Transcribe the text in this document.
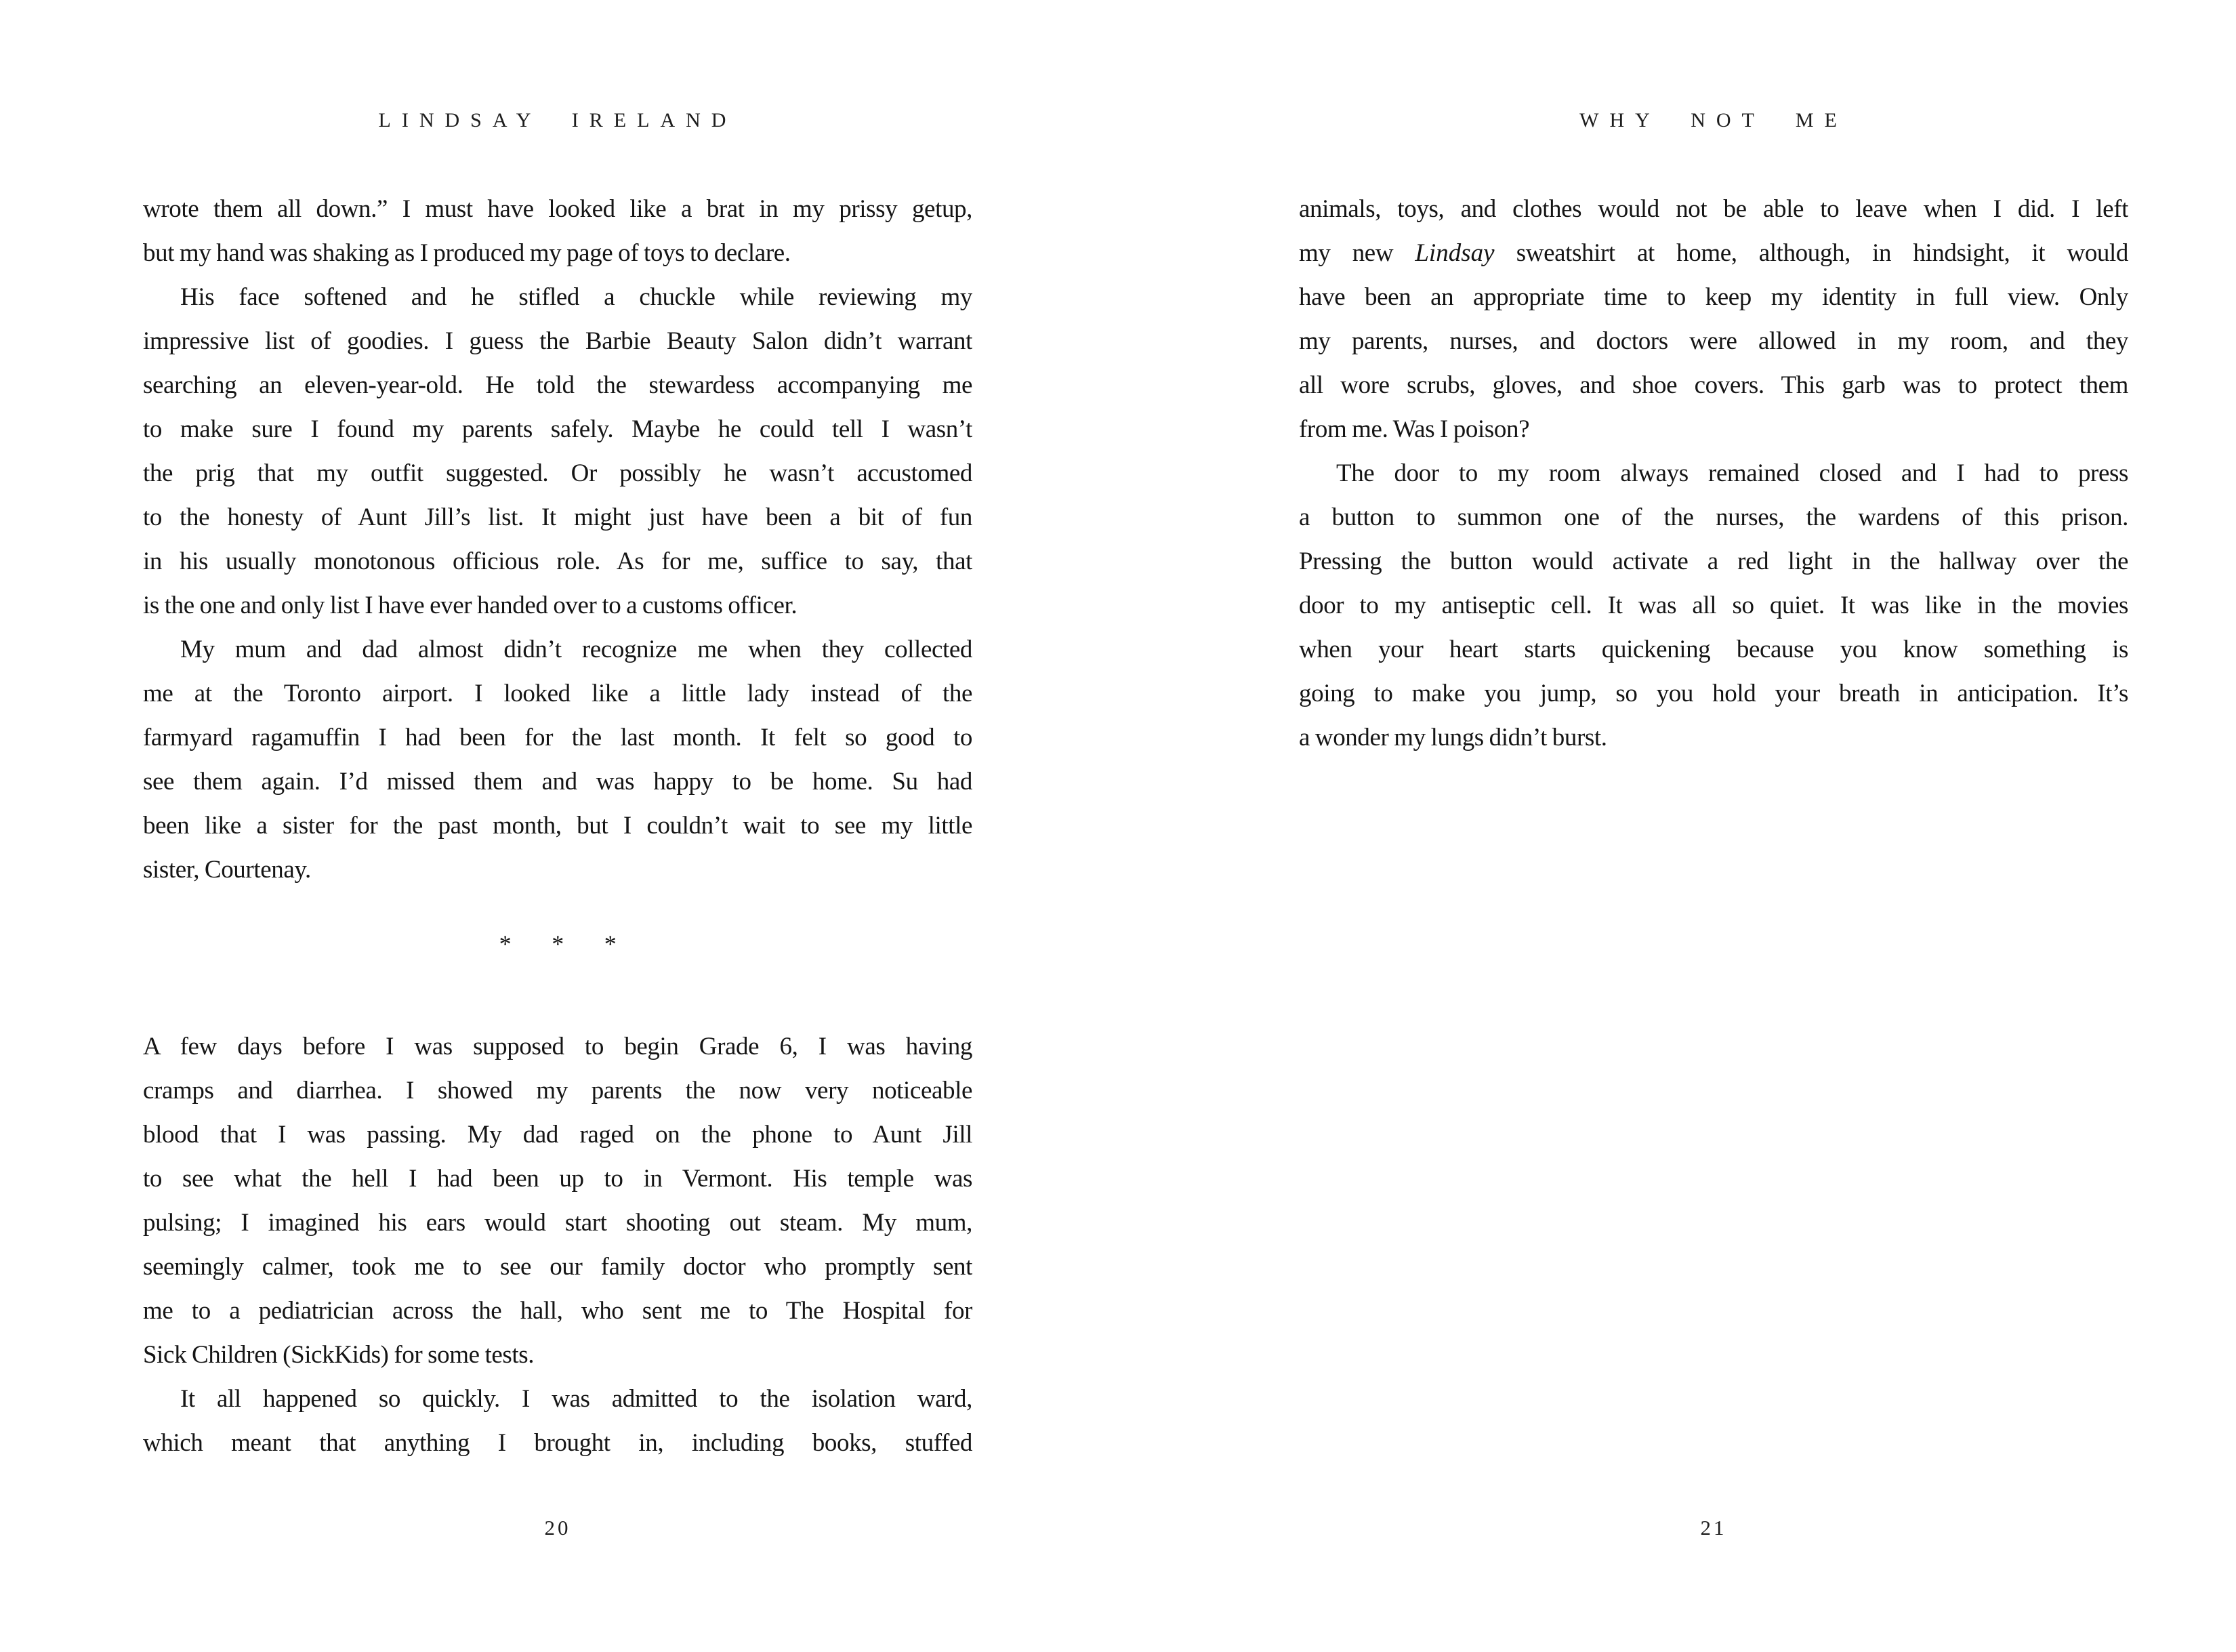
LINDSAY IRELAND
wrote them all down.” I must have looked like a brat in my prissy getup,
but my hand was shaking as I produced my page of toys to declare.
His face softened and he stifled a chuckle while reviewing my
impressive list of goodies. I guess the Barbie Beauty Salon didn’t warrant
searching an eleven-year-old. He told the stewardess accompanying me
to make sure I found my parents safely. Maybe he could tell I wasn’t
the prig that my outfit suggested. Or possibly he wasn’t accustomed
to the honesty of Aunt Jill’s list. It might just have been a bit of fun
in his usually monotonous officious role. As for me, suffice to say, that
is the one and only list I have ever handed over to a customs officer.
My mum and dad almost didn’t recognize me when they collected
me at the Toronto airport. I looked like a little lady instead of the
farmyard ragamuffin I had been for the last month. It felt so good to
see them again. I’d missed them and was happy to be home. Su had
been like a sister for the past month, but I couldn’t wait to see my little
sister, Courtenay.
* * *
A few days before I was supposed to begin Grade 6, I was having
cramps and diarrhea. I showed my parents the now very noticeable
blood that I was passing. My dad raged on the phone to Aunt Jill
to see what the hell I had been up to in Vermont. His temple was
pulsing; I imagined his ears would start shooting out steam. My mum,
seemingly calmer, took me to see our family doctor who promptly sent
me to a pediatrician across the hall, who sent me to The Hospital for
Sick Children (SickKids) for some tests.
It all happened so quickly. I was admitted to the isolation ward,
which meant that anything I brought in, including books, stuffed
20
WHY NOT ME
animals, toys, and clothes would not be able to leave when I did. I left
my new Lindsay sweatshirt at home, although, in hindsight, it would
have been an appropriate time to keep my identity in full view. Only
my parents, nurses, and doctors were allowed in my room, and they
all wore scrubs, gloves, and shoe covers. This garb was to protect them
from me. Was I poison?
The door to my room always remained closed and I had to press
a button to summon one of the nurses, the wardens of this prison.
Pressing the button would activate a red light in the hallway over the
door to my antiseptic cell. It was all so quiet. It was like in the movies
when your heart starts quickening because you know something is
going to make you jump, so you hold your breath in anticipation. It’s
a wonder my lungs didn’t burst.
21
